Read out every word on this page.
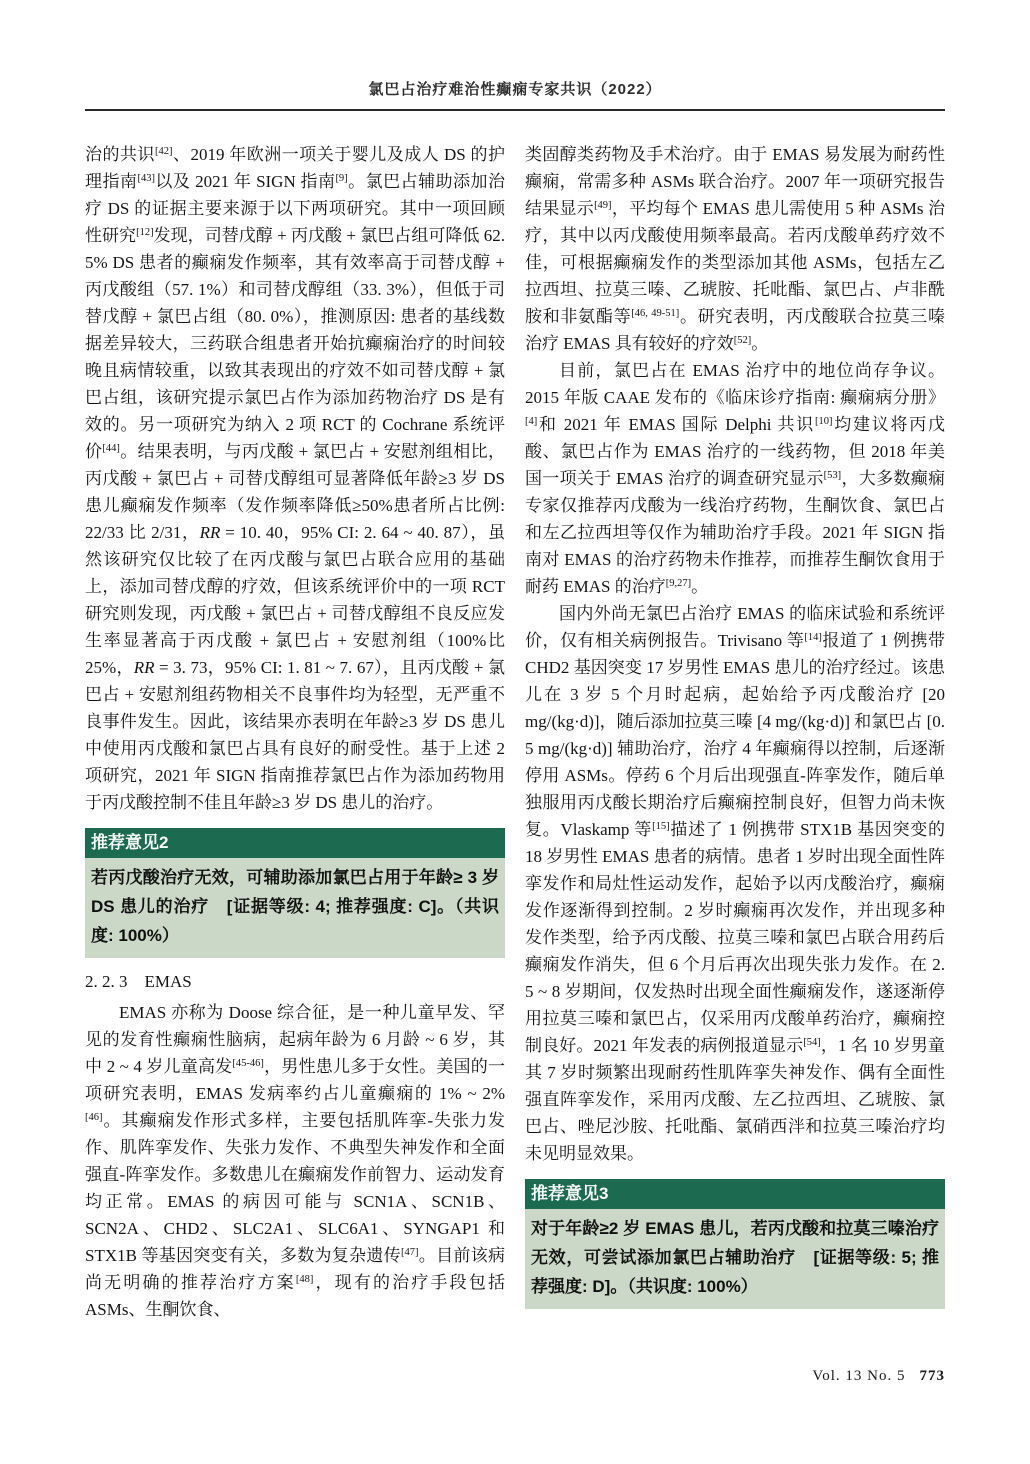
氯巴占治疗难治性癫痫专家共识（2022）
治的共识[42]、2019 年欧洲一项关于婴儿及成人 DS 的护理指南[43]以及 2021 年 SIGN 指南[9]。氯巴占辅助添加治疗 DS 的证据主要来源于以下两项研究。其中一项回顾性研究[12]发现，司替戊醇 + 丙戊酸 + 氯巴占组可降低 62. 5% DS 患者的癫痫发作频率，其有效率高于司替戊醇 + 丙戊酸组（57. 1%）和司替戊醇组（33. 3%），但低于司替戊醇 + 氯巴占组（80. 0%），推测原因: 患者的基线数据差异较大，三药联合组患者开始抗癫痫治疗的时间较晚且病情较重，以致其表现出的疗效不如司替戊醇 + 氯巴占组，该研究提示氯巴占作为添加药物治疗 DS 是有效的。另一项研究为纳入 2 项 RCT 的 Cochrane 系统评价[44]。结果表明，与丙戊酸 + 氯巴占 + 安慰剂组相比，丙戊酸 + 氯巴占 + 司替戊醇组可显著降低年龄≥3 岁 DS 患儿癫痫发作频率（发作频率降低≥50%患者所占比例: 22/33 比 2/31，RR = 10. 40，95% CI: 2. 64 ~ 40. 87），虽然该研究仅比较了在丙戊酸与氯巴占联合应用的基础上，添加司替戊醇的疗效，但该系统评价中的一项 RCT 研究则发现，丙戊酸 + 氯巴占 + 司替戊醇组不良反应发生率显著高于丙戊酸 + 氯巴占 + 安慰剂组（100%比 25%，RR = 3. 73，95% CI: 1. 81 ~ 7. 67），且丙戊酸 + 氯巴占 + 安慰剂组药物相关不良事件均为轻型，无严重不良事件发生。因此，该结果亦表明在年龄≥3 岁 DS 患儿中使用丙戊酸和氯巴占具有良好的耐受性。基于上述 2 项研究，2021 年 SIGN 指南推荐氯巴占作为添加药物用于丙戊酸控制不佳且年龄≥3 岁 DS 患儿的治疗。
推荐意见2
若丙戊酸治疗无效，可辅助添加氯巴占用于年龄≥ 3 岁 DS 患儿的治疗　[证据等级: 4; 推荐强度: C]。（共识度: 100%）
2. 2. 3　EMAS
EMAS 亦称为 Doose 综合征，是一种儿童早发、罕见的发育性癫痫性脑病，起病年龄为 6 月龄 ~ 6 岁，其中 2 ~ 4 岁儿童高发[45-46]，男性患儿多于女性。美国的一项研究表明，EMAS 发病率约占儿童癫痫的 1% ~ 2%[46]。其癫痫发作形式多样，主要包括肌阵挛-失张力发作、肌阵挛发作、失张力发作、不典型失神发作和全面强直-阵挛发作。多数患儿在癫痫发作前智力、运动发育均正常。EMAS 的病因可能与 SCN1A、SCN1B、SCN2A、CHD2、SLC2A1、SLC6A1、SYNGAP1 和 STX1B 等基因突变有关，多数为复杂遗传[47]。目前该病尚无明确的推荐治疗方案[48]，现有的治疗手段包括 ASMs、生酮饮食、
类固醇类药物及手术治疗。由于 EMAS 易发展为耐药性癫痫，常需多种 ASMs 联合治疗。2007 年一项研究报告结果显示[49]，平均每个 EMAS 患儿需使用 5 种 ASMs 治疗，其中以丙戊酸使用频率最高。若丙戊酸单药疗效不佳，可根据癫痫发作的类型添加其他 ASMs，包括左乙拉西坦、拉莫三嗪、乙琥胺、托吡酯、氯巴占、卢非酰胺和非氨酯等[46, 49-51]。研究表明，丙戊酸联合拉莫三嗪治疗 EMAS 具有较好的疗效[52]。
目前，氯巴占在 EMAS 治疗中的地位尚存争议。2015 年版 CAAE 发布的《临床诊疗指南: 癫痫病分册》[4]和 2021 年 EMAS 国际 Delphi 共识[10]均建议将丙戊酸、氯巴占作为 EMAS 治疗的一线药物，但 2018 年美国一项关于 EMAS 治疗的调查研究显示[53]，大多数癫痫专家仅推荐丙戊酸为一线治疗药物，生酮饮食、氯巴占和左乙拉西坦等仅作为辅助治疗手段。2021 年 SIGN 指南对 EMAS 的治疗药物未作推荐，而推荐生酮饮食用于耐药 EMAS 的治疗[9,27]。
国内外尚无氯巴占治疗 EMAS 的临床试验和系统评价，仅有相关病例报告。Trivisano 等[14]报道了 1 例携带 CHD2 基因突变 17 岁男性 EMAS 患儿的治疗经过。该患儿在 3 岁 5 个月时起病，起始给予丙戊酸治疗 [20 mg/(kg·d)]，随后添加拉莫三嗪 [4 mg/(kg·d)] 和氯巴占 [0. 5 mg/(kg·d)] 辅助治疗，治疗 4 年癫痫得以控制，后逐渐停用 ASMs。停药 6 个月后出现强直-阵挛发作，随后单独服用丙戊酸长期治疗后癫痫控制良好，但智力尚未恢复。Vlaskamp 等[15]描述了 1 例携带 STX1B 基因突变的 18 岁男性 EMAS 患者的病情。患者 1 岁时出现全面性阵挛发作和局灶性运动发作，起始予以丙戊酸治疗，癫痫发作逐渐得到控制。2 岁时癫痫再次发作，并出现多种发作类型，给予丙戊酸、拉莫三嗪和氯巴占联合用药后癫痫发作消失，但 6 个月后再次出现失张力发作。在 2. 5 ~ 8 岁期间，仅发热时出现全面性癫痫发作，遂逐渐停用拉莫三嗪和氯巴占，仅采用丙戊酸单药治疗，癫痫控制良好。2021 年发表的病例报道显示[54]，1 名 10 岁男童其 7 岁时频繁出现耐药性肌阵挛失神发作、偶有全面性强直阵挛发作，采用丙戊酸、左乙拉西坦、乙琥胺、氯巴占、唑尼沙胺、托吡酯、氯硝西泮和拉莫三嗪治疗均未见明显效果。
推荐意见3
对于年龄≥2 岁 EMAS 患儿，若丙戊酸和拉莫三嗪治疗无效，可尝试添加氯巴占辅助治疗　[证据等级: 5; 推荐强度: D]。（共识度: 100%）
Vol. 13 No. 5 773
